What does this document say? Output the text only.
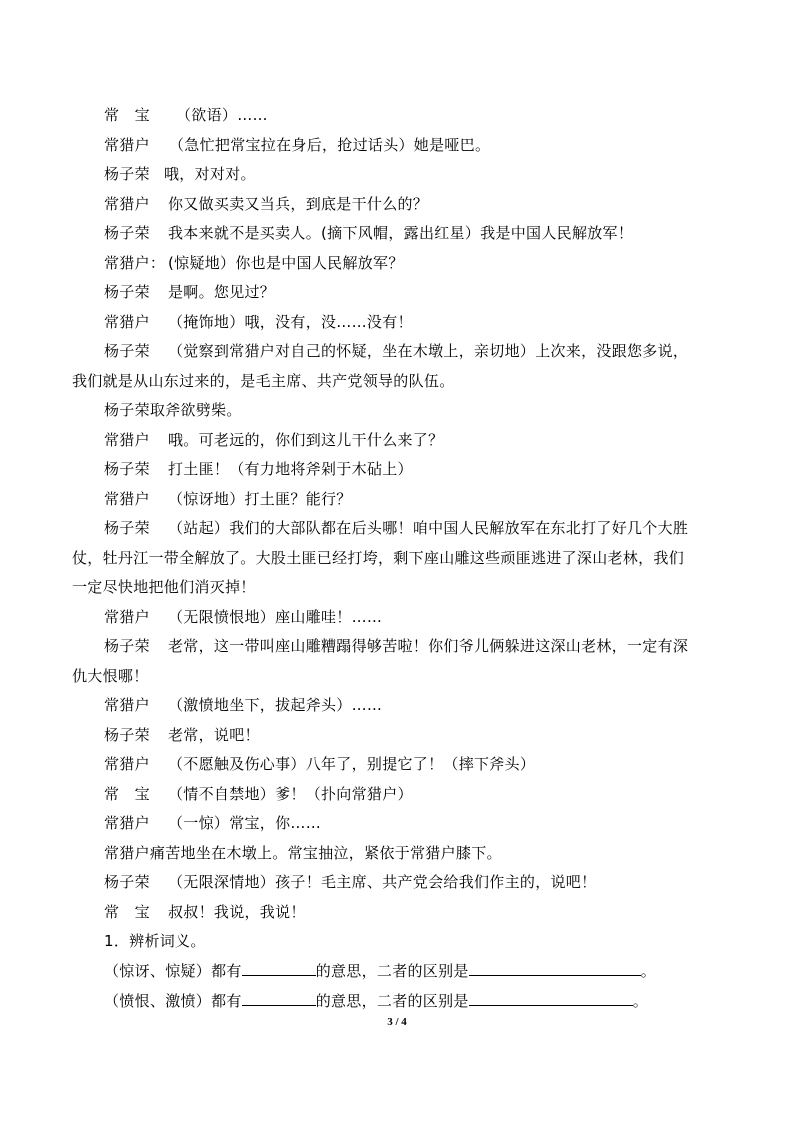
常　宝 （欲语）……
常猎户 （急忙把常宝拉在身后，抢过话头）她是哑巴。
杨子荣 哦，对对对。
常猎户 你又做买卖又当兵，到底是干什么的？
杨子荣 我本来就不是买卖人。(摘下风帽，露出红星）我是中国人民解放军！
常猎户： (惊疑地）你也是中国人民解放军？
杨子荣 是啊。您见过？
常猎户 （掩饰地）哦，没有，没……没有！
杨子荣 （觉察到常猎户对自己的怀疑，坐在木墩上，亲切地）上次来，没跟您多说，
我们就是从山东过来的，是毛主席、共产党领导的队伍。
杨子荣取斧欲劈柴。
常猎户 哦。可老远的，你们到这儿干什么来了？
杨子荣 打土匪！（有力地将斧剁于木砧上）
常猎户 （惊讶地）打土匪？能行？
杨子荣 （站起）我们的大部队都在后头哪！咱中国人民解放军在东北打了好几个大胜
仗，牡丹江一带全解放了。大股土匪已经打垮，剩下座山雕这些顽匪逃进了深山老林，我们
一定尽快地把他们消灭掉！
常猎户 （无限愤恨地）座山雕哇！……
杨子荣 老常，这一带叫座山雕糟蹋得够苦啦！你们爷儿俩躲进这深山老林，一定有深
仇大恨哪！
常猎户 （激愤地坐下，拔起斧头）……
杨子荣 老常，说吧！
常猎户 （不愿触及伤心事）八年了，别提它了！（摔下斧头）
常　宝 （情不自禁地）爹！（扑向常猎户）
常猎户 （一惊）常宝，你……
常猎户痛苦地坐在木墩上。常宝抽泣，紧依于常猎户膝下。
杨子荣 （无限深情地）孩子！毛主席、共产党会给我们作主的，说吧！
常　宝 叔叔！我说，我说！
1．辨析词义。
（惊讶、惊疑）都有	的意思，二者的区别是	。
（愤恨、激愤）都有	的意思，二者的区别是	。
3 / 4
